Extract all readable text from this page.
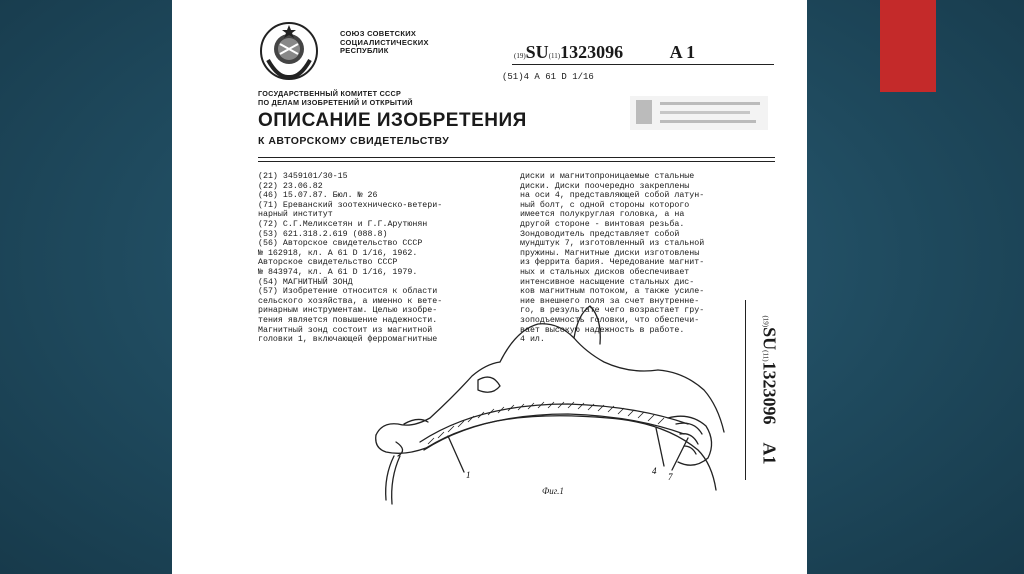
СОЮЗ СОВЕТСКИХ
СОЦИАЛИСТИЧЕСКИХ
РЕСПУБЛИК
(19)SU(11)1323096	A 1
(51)4 A 61 D 1/16
ГОСУДАРСТВЕННЫЙ КОМИТЕТ СССР
ПО ДЕЛАМ ИЗОБРЕТЕНИЙ И ОТКРЫТИЙ
ОПИСАНИЕ ИЗОБРЕТЕНИЯ
К АВТОРСКОМУ СВИДЕТЕЛЬСТВУ
(21) 3459101/30-15
(22) 23.06.82
(46) 15.07.87. Бюл. № 26
(71) Ереванский зоотехническо-ветери-
нарный институт
(72) С.Г.Меликсетян и Г.Г.Арутюнян
(53) 621.318.2.619 (088.8)
(56) Авторское свидетельство СССР
№ 162918, кл. А 61 D 1/16, 1962.
Авторское свидетельство СССР
№ 843974, кл. А 61 D 1/16, 1979.
(54) МАГНИТНЫЙ ЗОНД
(57) Изобретение относится к области
сельского хозяйства, а именно к вете-
ринарным инструментам. Целью изобре-
тения является повышение надежности.
Магнитный зонд состоит из магнитной
головки 1, включающей ферромагнитные
диски и магнитопроницаемые стальные
диски. Диски поочередно закреплены
на оси 4, представляющей собой латун-
ный болт, с одной стороны которого
имеется полукруглая головка, а на
другой стороне - винтовая резьба.
Зондоводитель представляет собой
мундштук 7, изготовленный из стальной
пружины. Магнитные диски изготовлены
из феррита бария. Чередование магнит-
ных и стальных дисков обеспечивает
интенсивное насыщение стальных дис-
ков магнитным потоком, а также усиле-
ние внешнего поля за счет внутренне-
го, в результате чего возрастает гру-
зоподъемность головки, что обеспечи-
вает высокую надежность в работе.
4 ил.
(19)SU(11)1323096    A1
1	4
7
Фиг.1
